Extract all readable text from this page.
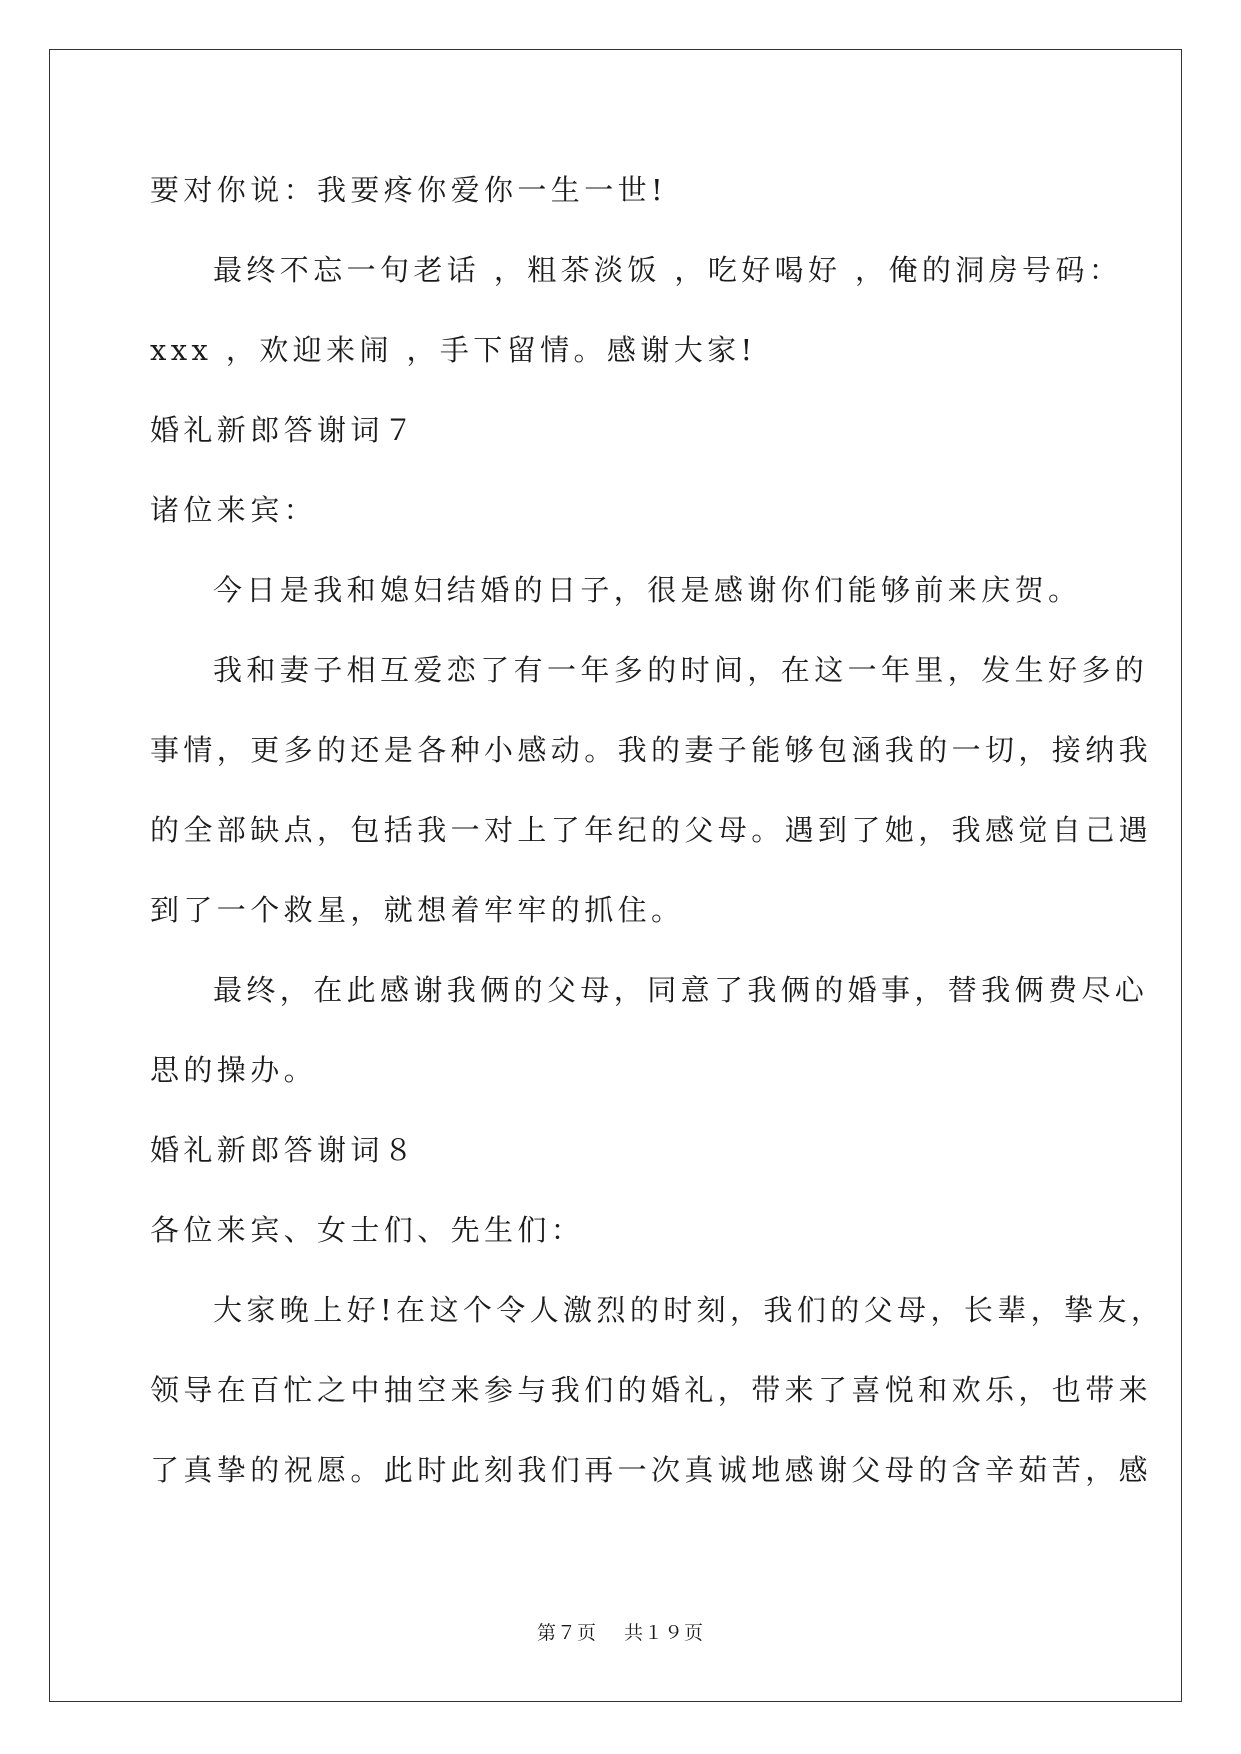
要对你说：我要疼你爱你一生一世!
最终不忘一句老话 ，粗茶淡饭 ，吃好喝好 ，俺的洞房号码：
xxx ，欢迎来闹 ，手下留情。感谢大家!
婚礼新郎答谢词７
诸位来宾：
今日是我和媳妇结婚的日子，很是感谢你们能够前来庆贺。
我和妻子相互爱恋了有一年多的时间，在这一年里，发生好多的
事情，更多的还是各种小感动。我的妻子能够包涵我的一切，接纳我
的全部缺点，包括我一对上了年纪的父母。遇到了她，我感觉自己遇
到了一个救星，就想着牢牢的抓住。
最终，在此感谢我俩的父母，同意了我俩的婚事，替我俩费尽心
思的操办。
婚礼新郎答谢词８
各位来宾、女士们、先生们：
大家晚上好!在这个令人激烈的时刻，我们的父母，长辈，挚友，
领导在百忙之中抽空来参与我们的婚礼，带来了喜悦和欢乐，也带来
了真挚的祝愿。此时此刻我们再一次真诚地感谢父母的含辛茹苦，感
第７页 共１９页
